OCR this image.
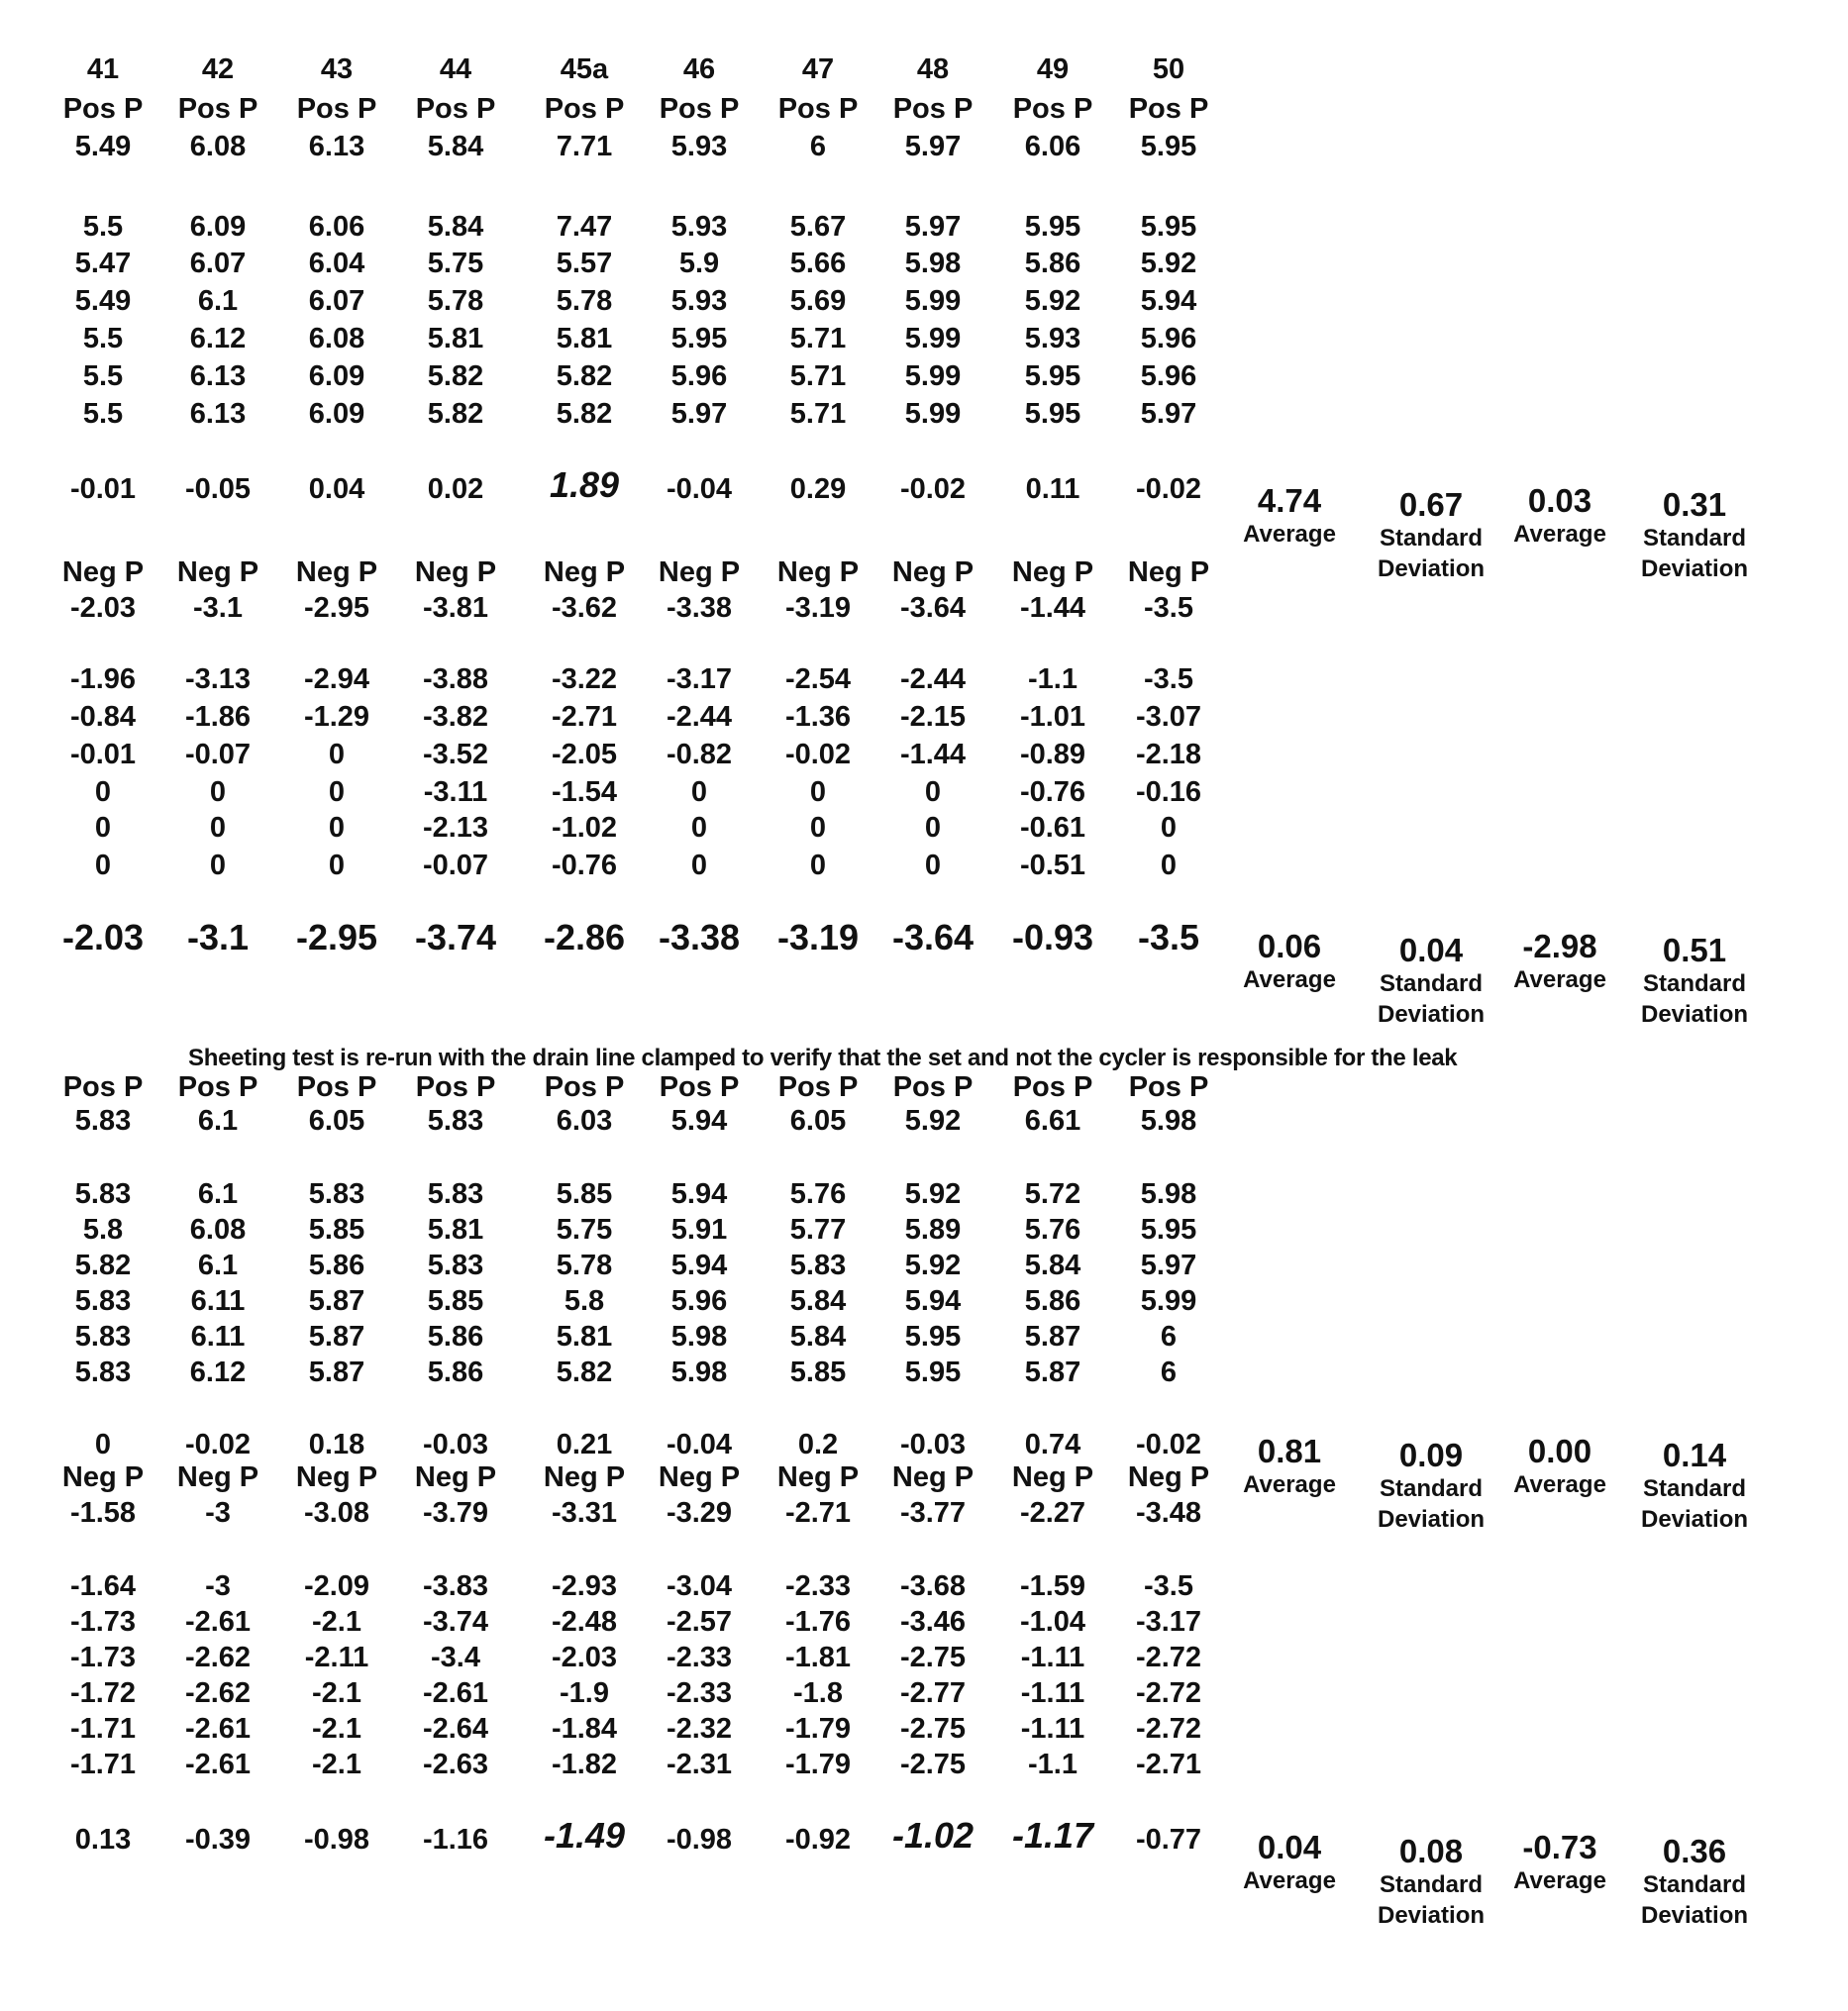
Sheeting test is re-run with the drain line clamped to verify that the set and not the cycler is responsible for the leak
41	42	43	44	45a	46	47	48	49	50
Pos P
5.49
5.5
5.47
5.49
5.5
5.5
5.5
-0.01
Pos P
6.08
6.09
6.07
6.1
6.12
6.13
6.13
-0.05
Pos P
6.13
6.06
6.04
6.07
6.08
6.09
6.09
0.04
Pos P
5.84
5.84
5.75
5.78
5.81
5.82
5.82
0.02
Pos P
7.71
7.47
5.57
5.78
5.81
5.82
5.82
1.89
Pos P
5.93
5.93
5.9
5.93
5.95
5.96
5.97
-0.04
Pos P
6
5.67
5.66
5.69
5.71
5.71
5.71
0.29
Pos P
5.97
5.97
5.98
5.99
5.99
5.99
5.99
-0.02
Pos P
6.06
5.95
5.86
5.92
5.93
5.95
5.95
0.11
Pos P
5.95
5.95
5.92
5.94
5.96
5.96
5.97
-0.02	4.74
Average
0.67
Standard Deviation
0.03
Average
0.31
Standard Deviation
Neg P
-2.03
-1.96
-0.84
-0.01
0
0
0
-2.03
Neg P
-3.1
-3.13
-1.86
-0.07
0
0
0
-3.1
Neg P
-2.95
-2.94
-1.29
0
0
0
0
-2.95
Neg P
-3.81
-3.88
-3.82
-3.52
-3.11
-2.13
-0.07
-3.74
Neg P
-3.62
-3.22
-2.71
-2.05
-1.54
-1.02
-0.76
-2.86
Neg P
-3.38
-3.17
-2.44
-0.82
0
0
0
-3.38
Neg P
-3.19
-2.54
-1.36
-0.02
0
0
0
-3.19
Neg P
-3.64
-2.44
-2.15
-1.44
0
0
0
-3.64
Neg P
-1.44
-1.1
-1.01
-0.89
-0.76
-0.61
-0.51
-0.93
Neg P
-3.5
-3.5
-3.07
-2.18
-0.16
0
0
-3.5	0.06
Average
0.04
Standard Deviation
-2.98
Average
0.51
Standard Deviation
Pos P
5.83
5.83
5.8
5.82
5.83
5.83
5.83
0
Pos P
6.1
6.1
6.08
6.1
6.11
6.11
6.12
-0.02
Pos P
6.05
5.83
5.85
5.86
5.87
5.87
5.87
0.18
Pos P
5.83
5.83
5.81
5.83
5.85
5.86
5.86
-0.03
Pos P
6.03
5.85
5.75
5.78
5.8
5.81
5.82
0.21
Pos P
5.94
5.94
5.91
5.94
5.96
5.98
5.98
-0.04
Pos P
6.05
5.76
5.77
5.83
5.84
5.84
5.85
0.2
Pos P
5.92
5.92
5.89
5.92
5.94
5.95
5.95
-0.03
Pos P
6.61
5.72
5.76
5.84
5.86
5.87
5.87
0.74
Pos P
5.98
5.98
5.95
5.97
5.99
6
6
-0.02	0.81
Average
0.09
Standard Deviation
0.00
Average
0.14
Standard Deviation
Neg P
-1.58
-1.64
-1.73
-1.73
-1.72
-1.71
-1.71
0.13
Neg P
-3
-3
-2.61
-2.62
-2.62
-2.61
-2.61
-0.39
Neg P
-3.08
-2.09
-2.1
-2.11
-2.1
-2.1
-2.1
-0.98
Neg P
-3.79
-3.83
-3.74
-3.4
-2.61
-2.64
-2.63
-1.16
Neg P
-3.31
-2.93
-2.48
-2.03
-1.9
-1.84
-1.82
-1.49
Neg P
-3.29
-3.04
-2.57
-2.33
-2.33
-2.32
-2.31
-0.98
Neg P
-2.71
-2.33
-1.76
-1.81
-1.8
-1.79
-1.79
-0.92
Neg P
-3.77
-3.68
-3.46
-2.75
-2.77
-2.75
-2.75
-1.02
Neg P
-2.27
-1.59
-1.04
-1.11
-1.11
-1.11
-1.1
-1.17
Neg P
-3.48
-3.5
-3.17
-2.72
-2.72
-2.72
-2.71
-0.77	0.04
Average
0.08
Standard Deviation
-0.73
Average
0.36
Standard Deviation
